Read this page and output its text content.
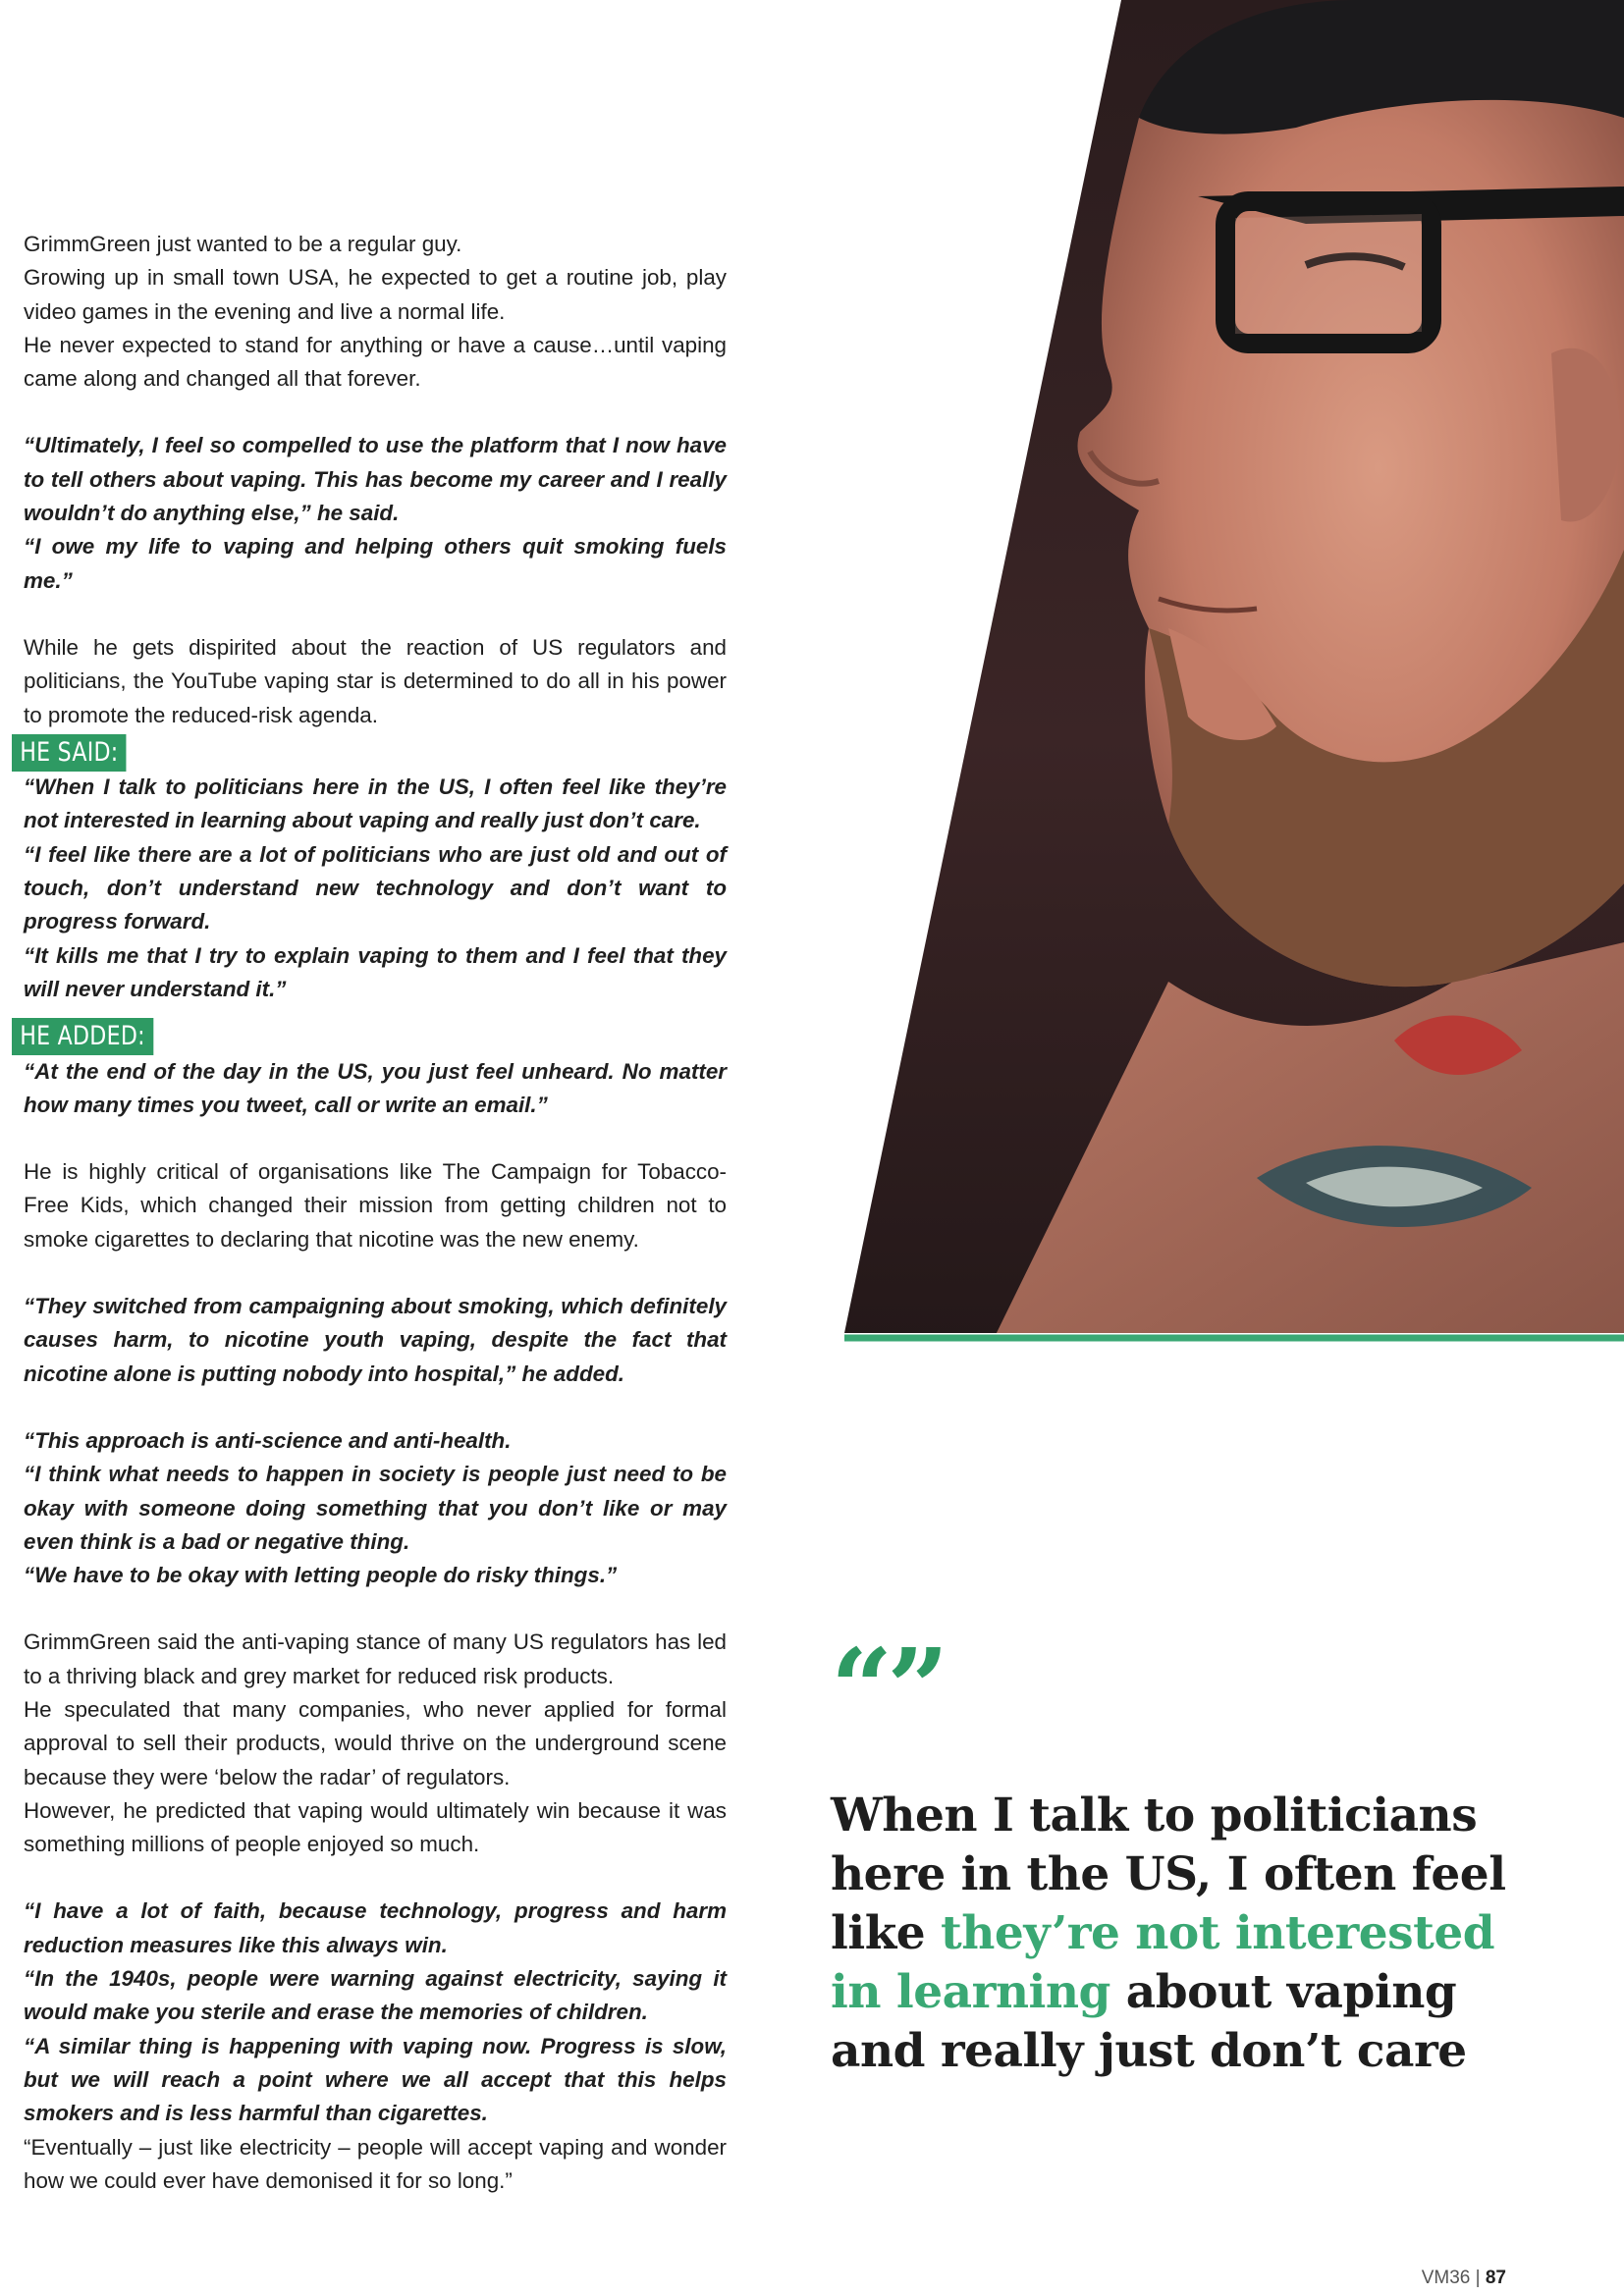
GrimmGreen just wanted to be a regular guy.
Growing up in small town USA, he expected to get a routine job, play video games in the evening and live a normal life.
He never expected to stand for anything or have a cause…until vaping came along and changed all that forever.

“Ultimately, I feel so compelled to use the platform that I now have to tell others about vaping. This has become my career and I really wouldn’t do anything else,” he said.
“I owe my life to vaping and helping others quit smoking fuels me.”

While he gets dispirited about the reaction of US regulators and politicians, the YouTube vaping star is determined to do all in his power to promote the reduced-risk agenda.

HE SAID:

“When I talk to politicians here in the US, I often feel like they’re not interested in learning about vaping and really just don’t care.
“I feel like there are a lot of politicians who are just old and out of touch, don’t understand new technology and don’t want to progress forward.
“It kills me that I try to explain vaping to them and I feel that they will never understand it.”

HE ADDED:

“At the end of the day in the US, you just feel unheard. No matter how many times you tweet, call or write an email.”

He is highly critical of organisations like The Campaign for Tobacco-Free Kids, which changed their mission from getting children not to smoke cigarettes to declaring that nicotine was the new enemy.

“They switched from campaigning about smoking, which definitely causes harm, to nicotine youth vaping, despite the fact that nicotine alone is putting nobody into hospital,” he added.

“This approach is anti-science and anti-health.
“I think what needs to happen in society is people just need to be okay with someone doing something that you don’t like or may even think is a bad or negative thing.
“We have to be okay with letting people do risky things.”

GrimmGreen said the anti-vaping stance of many US regulators has led to a thriving black and grey market for reduced risk products.
He speculated that many companies, who never applied for formal approval to sell their products, would thrive on the underground scene because they were ‘below the radar’ of regulators.
However, he predicted that vaping would ultimately win because it was something millions of people enjoyed so much.

“I have a lot of faith, because technology, progress and harm reduction measures like this always win.
“In the 1940s, people were warning against electricity, saying it would make you sterile and erase the memories of children.
“A similar thing is happening with vaping now. Progress is slow, but we will reach a point where we all accept that this helps smokers and is less harmful than cigarettes.
“Eventually – just like electricity – people will accept vaping and wonder how we could ever have demonised it for so long.”

“”
When I talk to politicians here in the US, I often feel like they’re not interested in learning about vaping and really just don’t care
VM36 | 87
